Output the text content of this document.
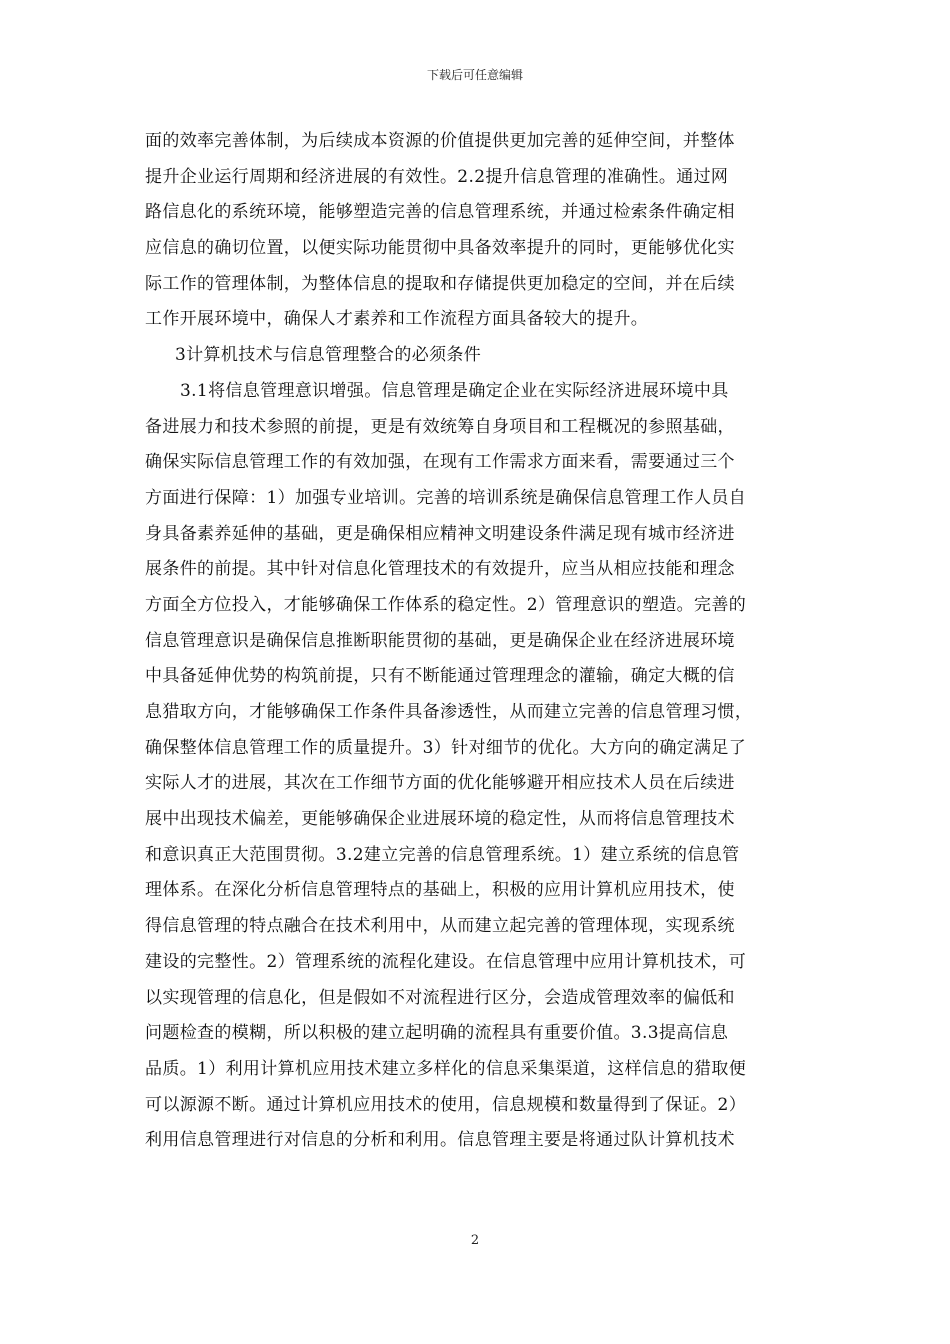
下载后可任意编辑
面的效率完善体制，为后续成本资源的价值提供更加完善的延伸空间，并整体
提升企业运行周期和经济进展的有效性。2.2提升信息管理的准确性。通过网
路信息化的系统环境，能够塑造完善的信息管理系统，并通过检索条件确定相
应信息的确切位置，以便实际功能贯彻中具备效率提升的同时，更能够优化实
际工作的管理体制，为整体信息的提取和存储提供更加稳定的空间，并在后续
工作开展环境中，确保人才素养和工作流程方面具备较大的提升。
3计算机技术与信息管理整合的必须条件
3.1将信息管理意识增强。信息管理是确定企业在实际经济进展环境中具
备进展力和技术参照的前提，更是有效统筹自身项目和工程概况的参照基础，
确保实际信息管理工作的有效加强，在现有工作需求方面来看，需要通过三个
方面进行保障：1）加强专业培训。完善的培训系统是确保信息管理工作人员自
身具备素养延伸的基础，更是确保相应精神文明建设条件满足现有城市经济进
展条件的前提。其中针对信息化管理技术的有效提升，应当从相应技能和理念
方面全方位投入，才能够确保工作体系的稳定性。2）管理意识的塑造。完善的
信息管理意识是确保信息推断职能贯彻的基础，更是确保企业在经济进展环境
中具备延伸优势的构筑前提，只有不断能通过管理理念的灌输，确定大概的信
息猎取方向，才能够确保工作条件具备渗透性，从而建立完善的信息管理习惯，
确保整体信息管理工作的质量提升。3）针对细节的优化。大方向的确定满足了
实际人才的进展，其次在工作细节方面的优化能够避开相应技术人员在后续进
展中出现技术偏差，更能够确保企业进展环境的稳定性，从而将信息管理技术
和意识真正大范围贯彻。3.2建立完善的信息管理系统。1）建立系统的信息管
理体系。在深化分析信息管理特点的基础上，积极的应用计算机应用技术，使
得信息管理的特点融合在技术利用中，从而建立起完善的管理体现，实现系统
建设的完整性。2）管理系统的流程化建设。在信息管理中应用计算机技术，可
以实现管理的信息化，但是假如不对流程进行区分，会造成管理效率的偏低和
问题检查的模糊，所以积极的建立起明确的流程具有重要价值。3.3提高信息
品质。1）利用计算机应用技术建立多样化的信息采集渠道，这样信息的猎取便
可以源源不断。通过计算机应用技术的使用，信息规模和数量得到了保证。2）
利用信息管理进行对信息的分析和利用。信息管理主要是将通过队计算机技术
2
